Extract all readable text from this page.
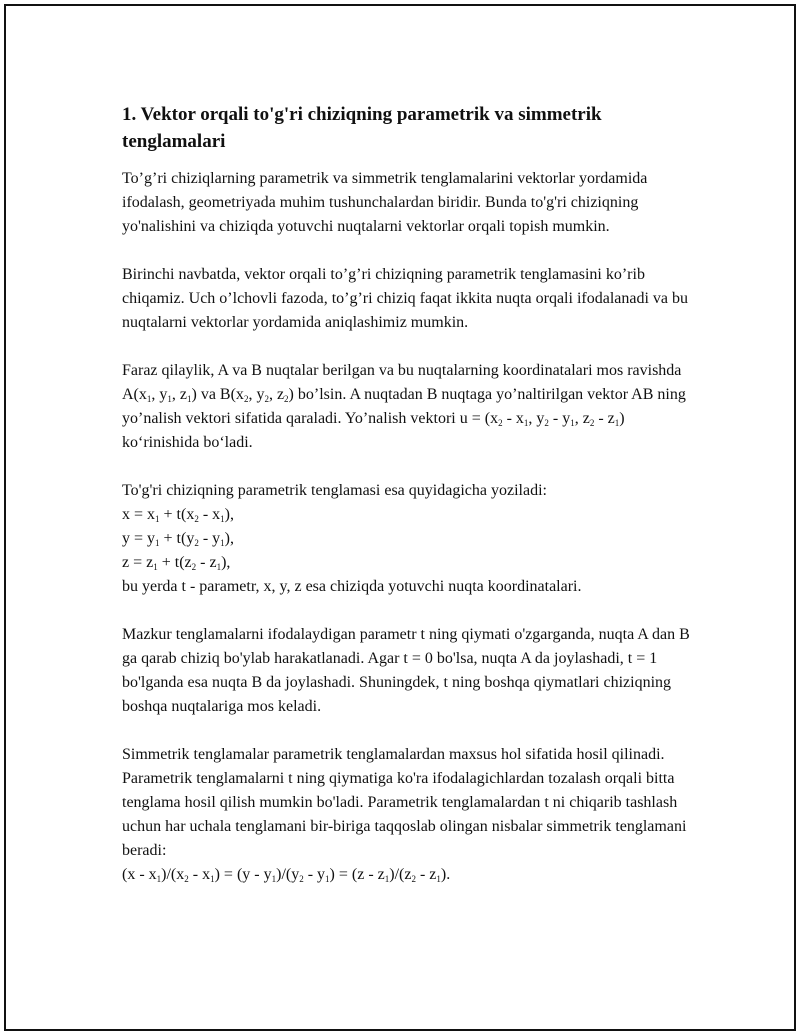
1. Vektor orqali to'g'ri chiziqning parametrik va simmetrik tenglamalari

To’g’ri chiziqlarning parametrik va simmetrik tenglamalarini vektorlar yordamida ifodalash, geometriyada muhim tushunchalardan biridir. Bunda to'g'ri chiziqning yo'nalishini va chiziqda yotuvchi nuqtalarni vektorlar orqali topish mumkin.

Birinchi navbatda, vektor orqali to’g’ri chiziqning parametrik tenglamasini ko’rib chiqamiz. Uch o’lchovli fazoda, to’g’ri chiziq faqat ikkita nuqta orqali ifodalanadi va bu nuqtalarni vektorlar yordamida aniqlashimiz mumkin.

Faraz qilaylik, A va B nuqtalar berilgan va bu nuqtalarning koordinatalari mos ravishda $A(x_1$, $y_1$, $z_1$) va $B(x_2$, $y_2$, $z_2$) bo’lsin. A nuqtadan B nuqtaga yo’naltirilgan vektor AB ning yo’nalish vektori sifatida qaraladi. Yo’nalish vektori $u = (x_2 - x_1$, $y_2 - y_1$, $z_2 - z_1$) ko‘rinishida bo‘ladi.

To'g'ri chiziqning parametrik tenglamasi esa quyidagicha yoziladi:
$x = x_1 + t(x_2 - x_1)$,
$y = y_1 + t(y_2 - y_1)$,
$z = z_1 + t(z_2 - z_1)$,
bu yerda t - parametr, x, y, z esa chiziqda yotuvchi nuqta koordinatalari.

Mazkur tenglamalarni ifodalaydigan parametr t ning qiymati o'zgarganda, nuqta A dan B ga qarab chiziq bo'ylab harakatlanadi. Agar t = 0 bo'lsa, nuqta A da joylashadi, t = 1 bo'lganda esa nuqta B da joylashadi. Shuningdek, t ning boshqa qiymatlari chiziqning boshqa nuqtalariga mos keladi.

Simmetrik tenglamalar parametrik tenglamalardan maxsus hol sifatida hosil qilinadi. Parametrik tenglamalarni t ning qiymatiga ko'ra ifodalagichlardan tozalash orqali bitta tenglama hosil qilish mumkin bo'ladi. Parametrik tenglamalardan t ni chiqarib tashlash uchun har uchala tenglamani bir-biriga taqqoslab olingan nisbalar simmetrik tenglamani beradi:
$(x - x_1)/(x_2 - x_1) = (y - y_1)/(y_2 - y_1) = (z - z_1)/(z_2 - z_1)$.
